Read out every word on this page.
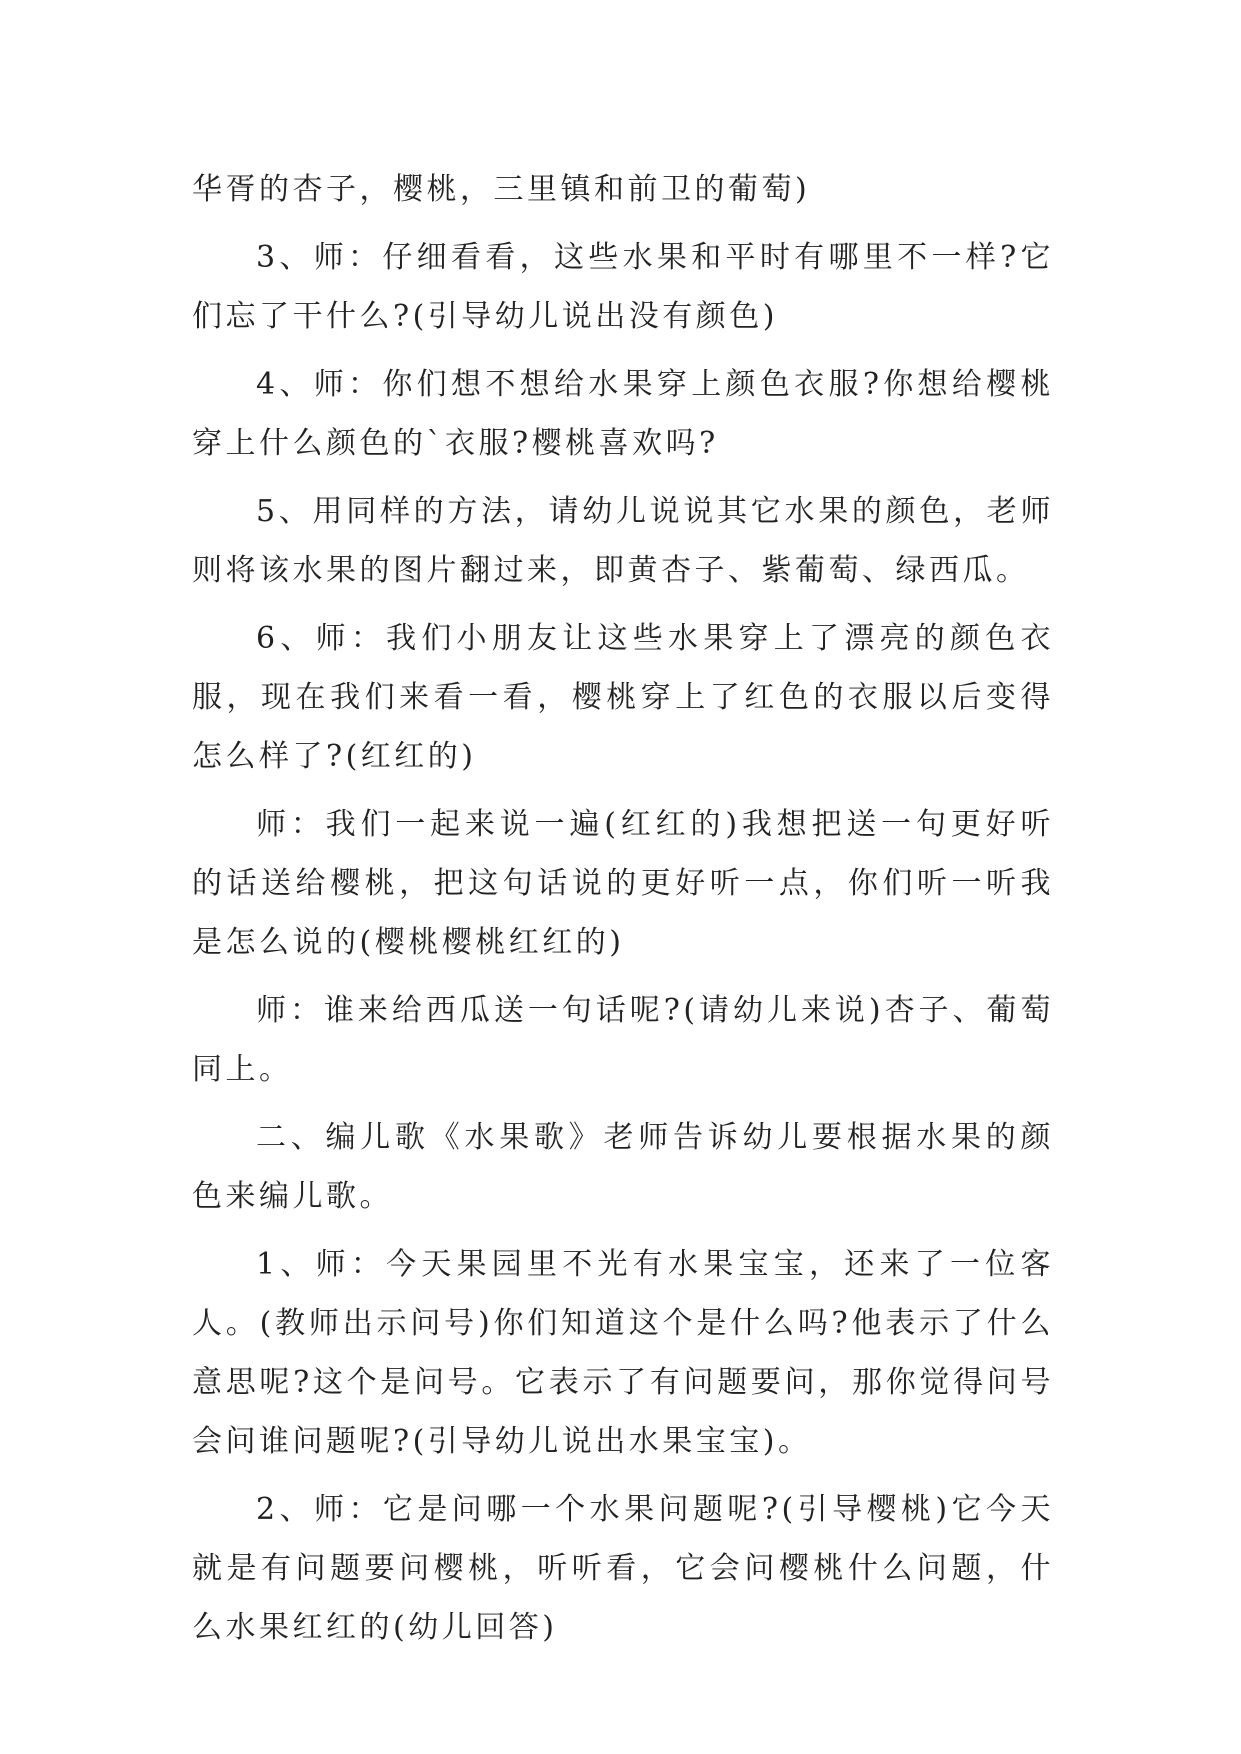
华胥的杏子，樱桃，三里镇和前卫的葡萄)

3、师：仔细看看，这些水果和平时有哪里不一样?它们忘了干什么?(引导幼儿说出没有颜色)

4、师：你们想不想给水果穿上颜色衣服?你想给樱桃穿上什么颜色的`衣服?樱桃喜欢吗?

5、用同样的方法，请幼儿说说其它水果的颜色，老师则将该水果的图片翻过来，即黄杏子、紫葡萄、绿西瓜。

6、师：我们小朋友让这些水果穿上了漂亮的颜色衣服，现在我们来看一看，樱桃穿上了红色的衣服以后变得怎么样了?(红红的)

师：我们一起来说一遍(红红的)我想把送一句更好听的话送给樱桃，把这句话说的更好听一点，你们听一听我是怎么说的(樱桃樱桃红红的)

师：谁来给西瓜送一句话呢?(请幼儿来说)杏子、葡萄同上。

二、编儿歌《水果歌》老师告诉幼儿要根据水果的颜色来编儿歌。

1、师：今天果园里不光有水果宝宝，还来了一位客人。(教师出示问号)你们知道这个是什么吗?他表示了什么意思呢?这个是问号。它表示了有问题要问，那你觉得问号会问谁问题呢?(引导幼儿说出水果宝宝)。

2、师：它是问哪一个水果问题呢?(引导樱桃)它今天就是有问题要问樱桃，听听看，它会问樱桃什么问题，什么水果红红的(幼儿回答)
